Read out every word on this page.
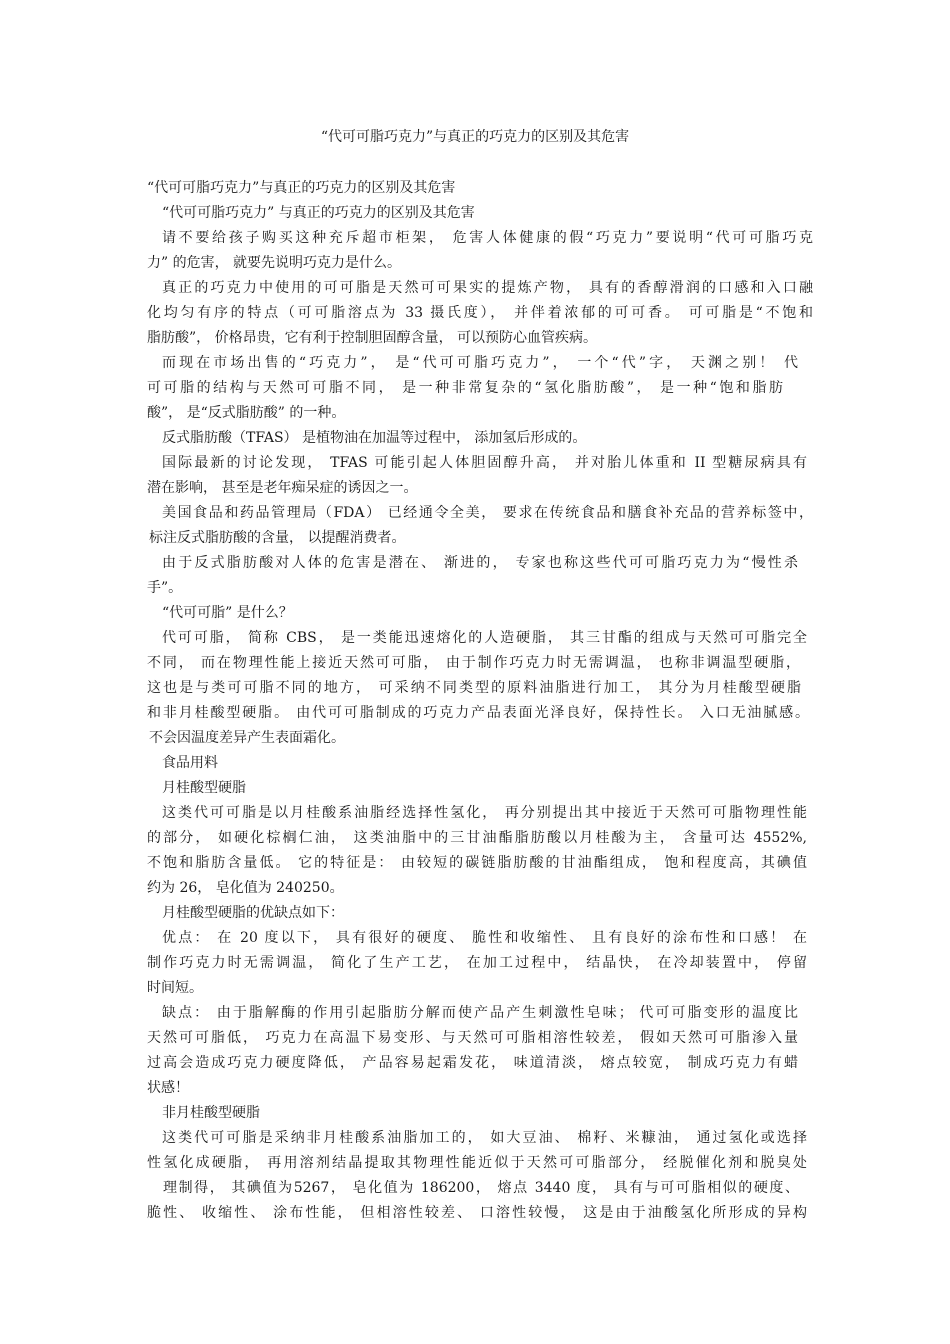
“代可可脂巧克力”与真正的巧克力的区别及其危害
“代可可脂巧克力”与真正的巧克力的区别及其危害
“代可可脂巧克力” 与真正的巧克力的区别及其危害
请不要给孩子购买这种充斥超市柜架， 危害人体健康的假“巧克力”要说明“代可可脂巧克
力” 的危害， 就要先说明巧克力是什么。
真正的巧克力中使用的可可脂是天然可可果实的提炼产物， 具有的香醇滑润的口感和入口融
化均匀有序的特点（可可脂溶点为 33 摄氏度）， 并伴着浓郁的可可香。 可可脂是“不饱和
脂肪酸”， 价格昂贵，它有利于控制胆固醇含量， 可以预防心血管疾病。
而现在市场出售的“巧克力”， 是“代可可脂巧克力”， 一个“代”字， 天渊之别！ 代
可可脂的结构与天然可可脂不同， 是一种非常复杂的“氢化脂肪酸”， 是一种“饱和脂肪
酸”， 是“反式脂肪酸” 的一种。
反式脂肪酸（TFAS） 是植物油在加温等过程中， 添加氢后形成的。
国际最新的讨论发现， TFAS 可能引起人体胆固醇升高， 并对胎儿体重和 II 型糖尿病具有
潜在影响， 甚至是老年痴呆症的诱因之一。
美国食品和药品管理局（FDA） 已经通令全美， 要求在传统食品和膳食补充品的营养标签中，
标注反式脂肪酸的含量， 以提醒消费者。
由于反式脂肪酸对人体的危害是潜在、 渐进的， 专家也称这些代可可脂巧克力为“慢性杀
手”。
“代可可脂” 是什么？
代可可脂， 简称 CBS， 是一类能迅速熔化的人造硬脂， 其三甘酯的组成与天然可可脂完全
不同， 而在物理性能上接近天然可可脂， 由于制作巧克力时无需调温， 也称非调温型硬脂，
这也是与类可可脂不同的地方， 可采纳不同类型的原料油脂进行加工， 其分为月桂酸型硬脂
和非月桂酸型硬脂。 由代可可脂制成的巧克力产品表面光泽良好，保持性长。 入口无油腻感。
不会因温度差异产生表面霜化。
食品用料
月桂酸型硬脂
这类代可可脂是以月桂酸系油脂经选择性氢化， 再分别提出其中接近于天然可可脂物理性能
的部分， 如硬化棕榈仁油， 这类油脂中的三甘油酯脂肪酸以月桂酸为主， 含量可达 4552%,
不饱和脂肪含量低。 它的特征是： 由较短的碳链脂肪酸的甘油酯组成， 饱和程度高，其碘值
约为 26， 皂化值为 240250。
月桂酸型硬脂的优缺点如下：
优点： 在 20 度以下， 具有很好的硬度、 脆性和收缩性、 且有良好的涂布性和口感！ 在
制作巧克力时无需调温， 简化了生产工艺， 在加工过程中， 结晶快， 在冷却装置中， 停留
时间短。
缺点： 由于脂解酶的作用引起脂肪分解而使产品产生刺激性皂味； 代可可脂变形的温度比
天然可可脂低， 巧克力在高温下易变形、与天然可可脂相溶性较差， 假如天然可可脂渗入量
过高会造成巧克力硬度降低， 产品容易起霜发花， 味道清淡， 熔点较宽， 制成巧克力有蜡
状感！
非月桂酸型硬脂
这类代可可脂是采纳非月桂酸系油脂加工的， 如大豆油、 棉籽、米糠油， 通过氢化或选择
性氢化成硬脂， 再用溶剂结晶提取其物理性能近似于天然可可脂部分， 经脱催化剂和脱臭处
理制得， 其碘值为5267， 皂化值为 186200， 熔点 3440 度， 具有与可可脂相似的硬度、
脆性、 收缩性、 涂布性能， 但相溶性较差、 口溶性较慢， 这是由于油酸氢化所形成的异构
